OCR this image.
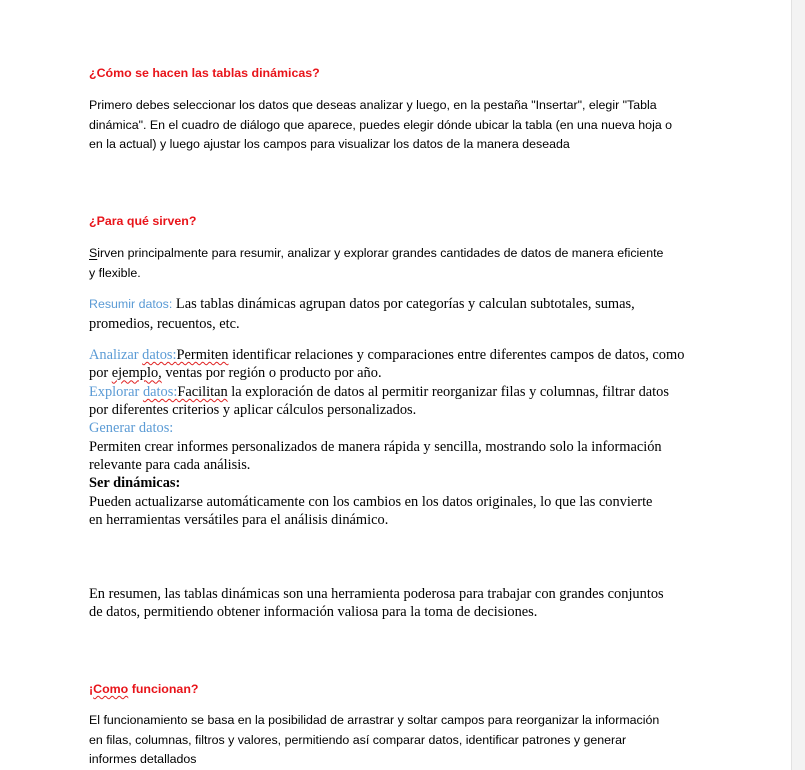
¿Cómo se hacen las tablas dinámicas?

Primero debes seleccionar los datos que deseas analizar y luego, en la pestaña "Insertar", elegir "Tabla dinámica". En el cuadro de diálogo que aparece, puedes elegir dónde ubicar la tabla (en una nueva hoja o en la actual) y luego ajustar los campos para visualizar los datos de la manera deseada

¿Para qué sirven?

Sirven principalmente para resumir, analizar y explorar grandes cantidades de datos de manera eficiente y flexible.

Resumir datos: Las tablas dinámicas agrupan datos por categorías y calculan subtotales, sumas, promedios, recuentos, etc.

Analizar datos:Permiten identificar relaciones y comparaciones entre diferentes campos de datos, como por ejemplo, ventas por región o producto por año.

Explorar datos:Facilitan la exploración de datos al permitir reorganizar filas y columnas, filtrar datos por diferentes criterios y aplicar cálculos personalizados.

Generar datos:

Permiten crear informes personalizados de manera rápida y sencilla, mostrando solo la información relevante para cada análisis.

Ser dinámicas:

Pueden actualizarse automáticamente con los cambios en los datos originales, lo que las convierte en herramientas versátiles para el análisis dinámico.

En resumen, las tablas dinámicas son una herramienta poderosa para trabajar con grandes conjuntos de datos, permitiendo obtener información valiosa para la toma de decisiones.

¡Como funcionan?

El funcionamiento se basa en la posibilidad de arrastrar y soltar campos para reorganizar la información en filas, columnas, filtros y valores, permitiendo así comparar datos, identificar patrones y generar informes detallados
